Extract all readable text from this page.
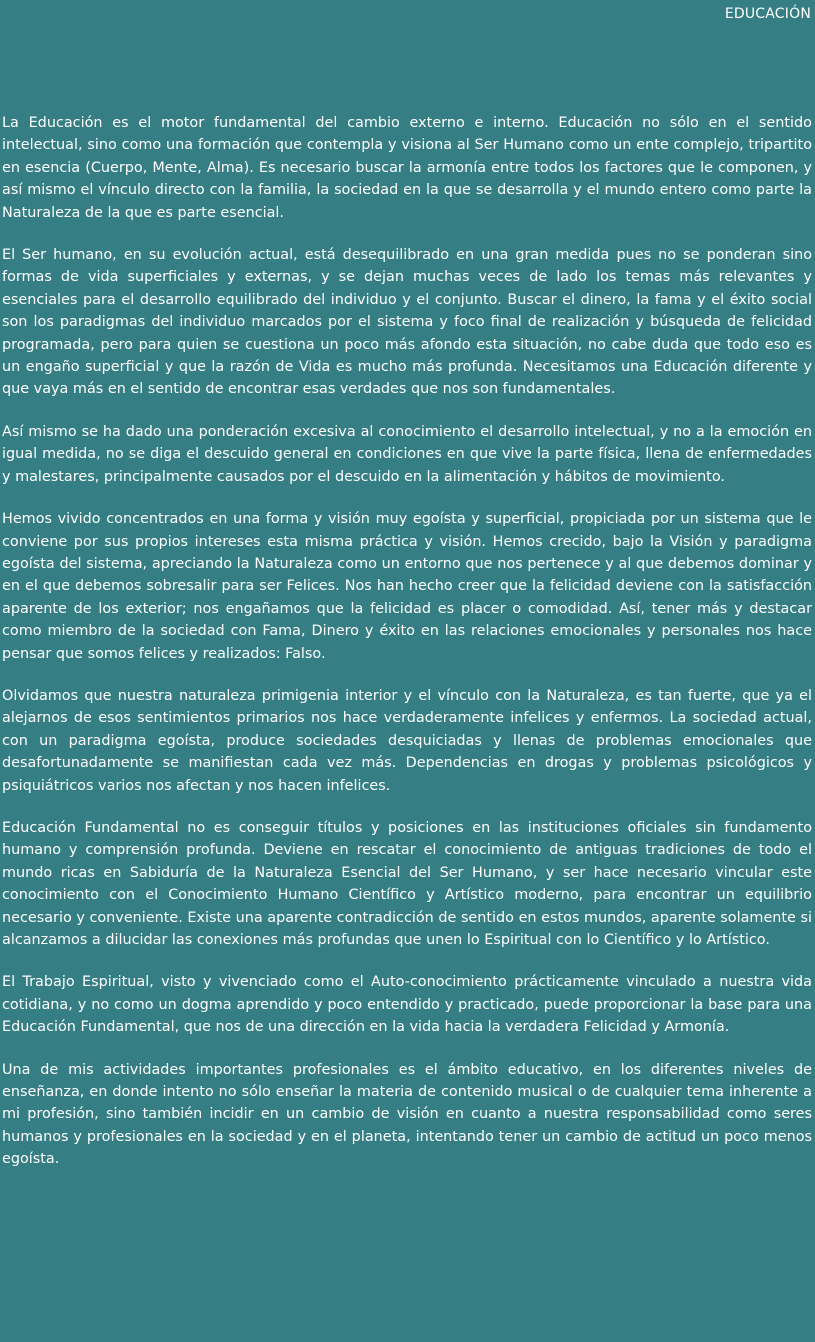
EDUCACIÓN

La Educación es el motor fundamental del cambio externo e interno. Educación no sólo en el sentido intelectual, sino como una formación que contempla y visiona al Ser Humano como un ente complejo, tripartito en esencia (Cuerpo, Mente, Alma). Es necesario buscar la armonía entre todos los factores que le componen, y así mismo el vínculo directo con la familia, la sociedad en la que se desarrolla y el mundo entero como parte la Naturaleza de la que es parte esencial.

El Ser humano, en su evolución actual, está desequilibrado en una gran medida pues no se ponderan sino formas de vida superficiales y externas, y se dejan muchas veces de lado los temas más relevantes y esenciales para el desarrollo equilibrado del individuo y el conjunto. Buscar el dinero, la fama y el éxito social son los paradigmas del individuo marcados por el sistema y foco final de realización y búsqueda de felicidad programada, pero para quien se cuestiona un poco más afondo esta situación, no cabe duda que todo eso es un engaño superficial y que la razón de Vida es mucho más profunda. Necesitamos una Educación diferente y que vaya más en el sentido de encontrar esas verdades que nos son fundamentales.

Así mismo se ha dado una ponderación excesiva al conocimiento el desarrollo intelectual, y no a la emoción en igual medida, no se diga el descuido general en condiciones en que vive la parte física, llena de enfermedades y malestares, principalmente causados por el descuido en la alimentación y hábitos de movimiento.

Hemos vivido concentrados en una forma y visión muy egoísta y superficial, propiciada por un sistema que le conviene por sus propios intereses esta misma práctica y visión. Hemos crecido, bajo la Visión y paradigma egoísta del sistema, apreciando la Naturaleza como un entorno que nos pertenece y al que debemos dominar y en el que debemos sobresalir para ser Felices. Nos han hecho creer que la felicidad deviene con la satisfacción aparente de los exterior; nos engañamos que la felicidad es placer o comodidad. Así, tener más y destacar como miembro de la sociedad con Fama, Dinero y éxito en las relaciones emocionales y personales nos hace pensar que somos felices y realizados: Falso.

Olvidamos que nuestra naturaleza primigenia interior y el vínculo con la Naturaleza, es tan fuerte, que ya el alejarnos de esos sentimientos primarios nos hace verdaderamente infelices y enfermos. La sociedad actual, con un paradigma egoísta, produce sociedades desquiciadas y llenas de problemas emocionales que desafortunadamente se manifiestan cada vez más. Dependencias en drogas y problemas psicológicos y psiquiátricos varios nos afectan y nos hacen infelices.

Educación Fundamental no es conseguir títulos y posiciones en las instituciones oficiales sin fundamento humano y comprensión profunda. Deviene en rescatar el conocimiento de antiguas tradiciones de todo el mundo ricas en Sabiduría de la Naturaleza Esencial del Ser Humano, y ser hace necesario vincular este conocimiento con el Conocimiento Humano Científico y Artístico moderno, para encontrar un equilibrio necesario y conveniente. Existe una aparente contradicción de sentido en estos mundos, aparente solamente si alcanzamos a dilucidar las conexiones más profundas que unen lo Espiritual con lo Científico y lo Artístico.

El Trabajo Espiritual, visto y vivenciado como el Auto-conocimiento prácticamente vinculado a nuestra vida cotidiana, y no como un dogma aprendido y poco entendido y practicado, puede proporcionar la base para una Educación Fundamental, que nos de una dirección en la vida hacia la verdadera Felicidad y Armonía.

Una de mis actividades importantes profesionales es el ámbito educativo, en los diferentes niveles de enseñanza, en donde intento no sólo enseñar la materia de contenido musical o de cualquier tema inherente a mi profesión, sino también incidir en un cambio de visión en cuanto a nuestra responsabilidad como seres humanos y profesionales en la sociedad y en el planeta, intentando tener un cambio de actitud un poco menos egoísta.
